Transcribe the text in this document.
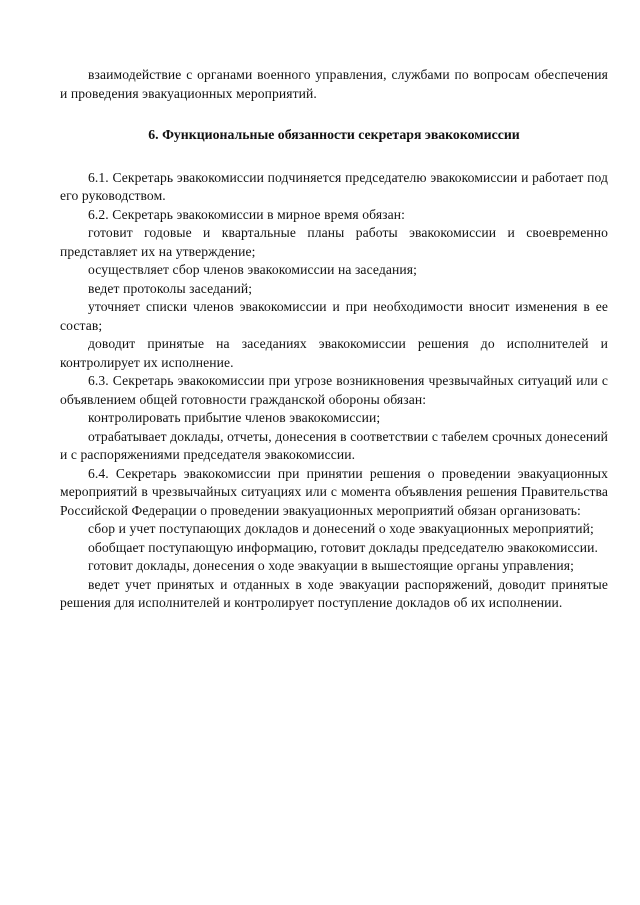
взаимодействие с органами военного управления, службами по вопросам обеспечения и проведения эвакуационных мероприятий.

6. Функциональные обязанности секретаря эвакокомиссии

6.1. Секретарь эвакокомиссии подчиняется председателю эвакокомиссии и работает под его руководством.

6.2. Секретарь эвакокомиссии в мирное время обязан:

готовит годовые и квартальные планы работы эвакокомиссии и своевременно представляет их на утверждение;

осуществляет сбор членов эвакокомиссии на заседания;

ведет протоколы заседаний;

уточняет списки членов эвакокомиссии и при необходимости вносит изменения в ее состав;

доводит принятые на заседаниях эвакокомиссии решения до исполнителей и контролирует их исполнение.

6.3. Секретарь эвакокомиссии при угрозе возникновения чрезвычайных ситуаций или с объявлением общей готовности гражданской обороны обязан:

контролировать прибытие членов эвакокомиссии;

отрабатывает доклады, отчеты, донесения в соответствии с табелем срочных донесений и с распоряжениями председателя эвакокомиссии.

6.4. Секретарь эвакокомиссии при принятии решения о проведении эвакуационных мероприятий в чрезвычайных ситуациях или с момента объявления решения Правительства Российской Федерации о проведении эвакуационных мероприятий обязан организовать:

сбор и учет поступающих докладов и донесений о ходе эвакуационных мероприятий;

обобщает поступающую информацию, готовит доклады председателю эвакокомиссии.

готовит доклады, донесения о ходе эвакуации в вышестоящие органы управления;

ведет учет принятых и отданных в ходе эвакуации распоряжений, доводит принятые решения для исполнителей и контролирует поступление докладов об их исполнении.
